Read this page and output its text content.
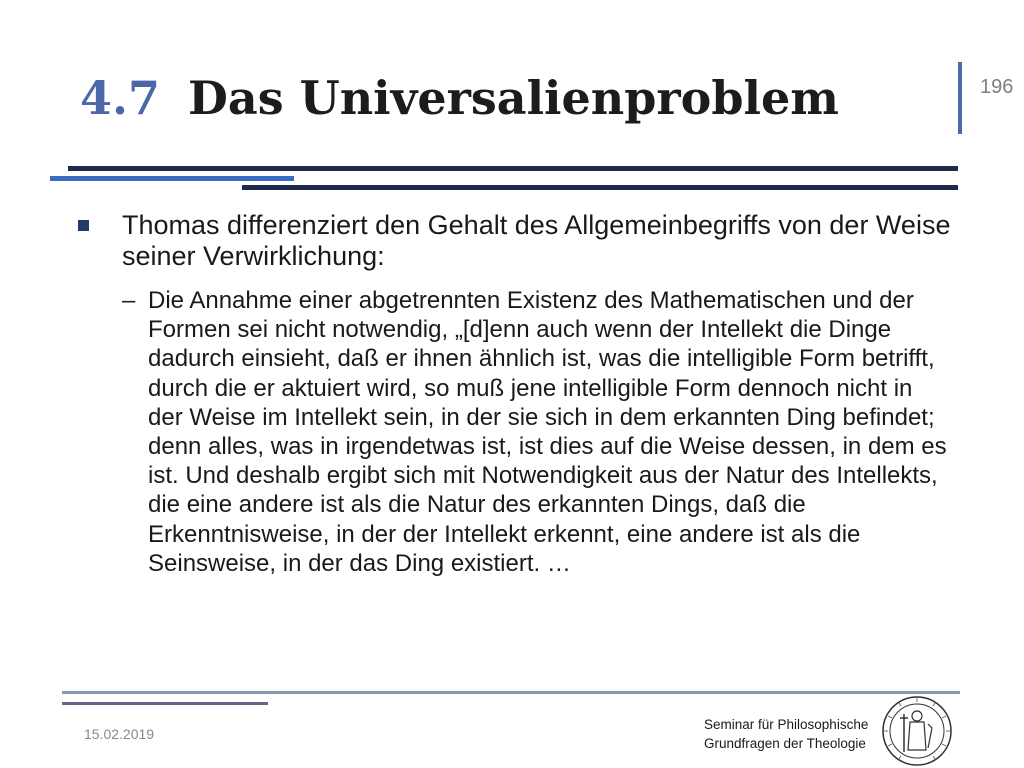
4.7 Das Universalienproblem	196
Thomas differenziert den Gehalt des Allgemeinbegriffs von der Weise seiner Verwirklichung:
– Die Annahme einer abgetrennten Existenz des Mathematischen und der Formen sei nicht notwendig, „[d]enn auch wenn der Intellekt die Dinge dadurch einsieht, daß er ihnen ähnlich ist, was die intelligible Form betrifft, durch die er aktuiert wird, so muß jene intelligible Form dennoch nicht in der Weise im Intellekt sein, in der sie sich in dem erkannten Ding befindet; denn alles, was in irgendetwas ist, ist dies auf die Weise dessen, in dem es ist. Und deshalb ergibt sich mit Notwendigkeit aus der Natur des Intellekts, die eine andere ist als die Natur des erkannten Dings, daß die Erkenntnisweise, in der der Intellekt erkennt, eine andere ist als die Seinsweise, in der das Ding existiert. …
15.02.2019
Seminar für Philosophische
Grundfragen der Theologie
